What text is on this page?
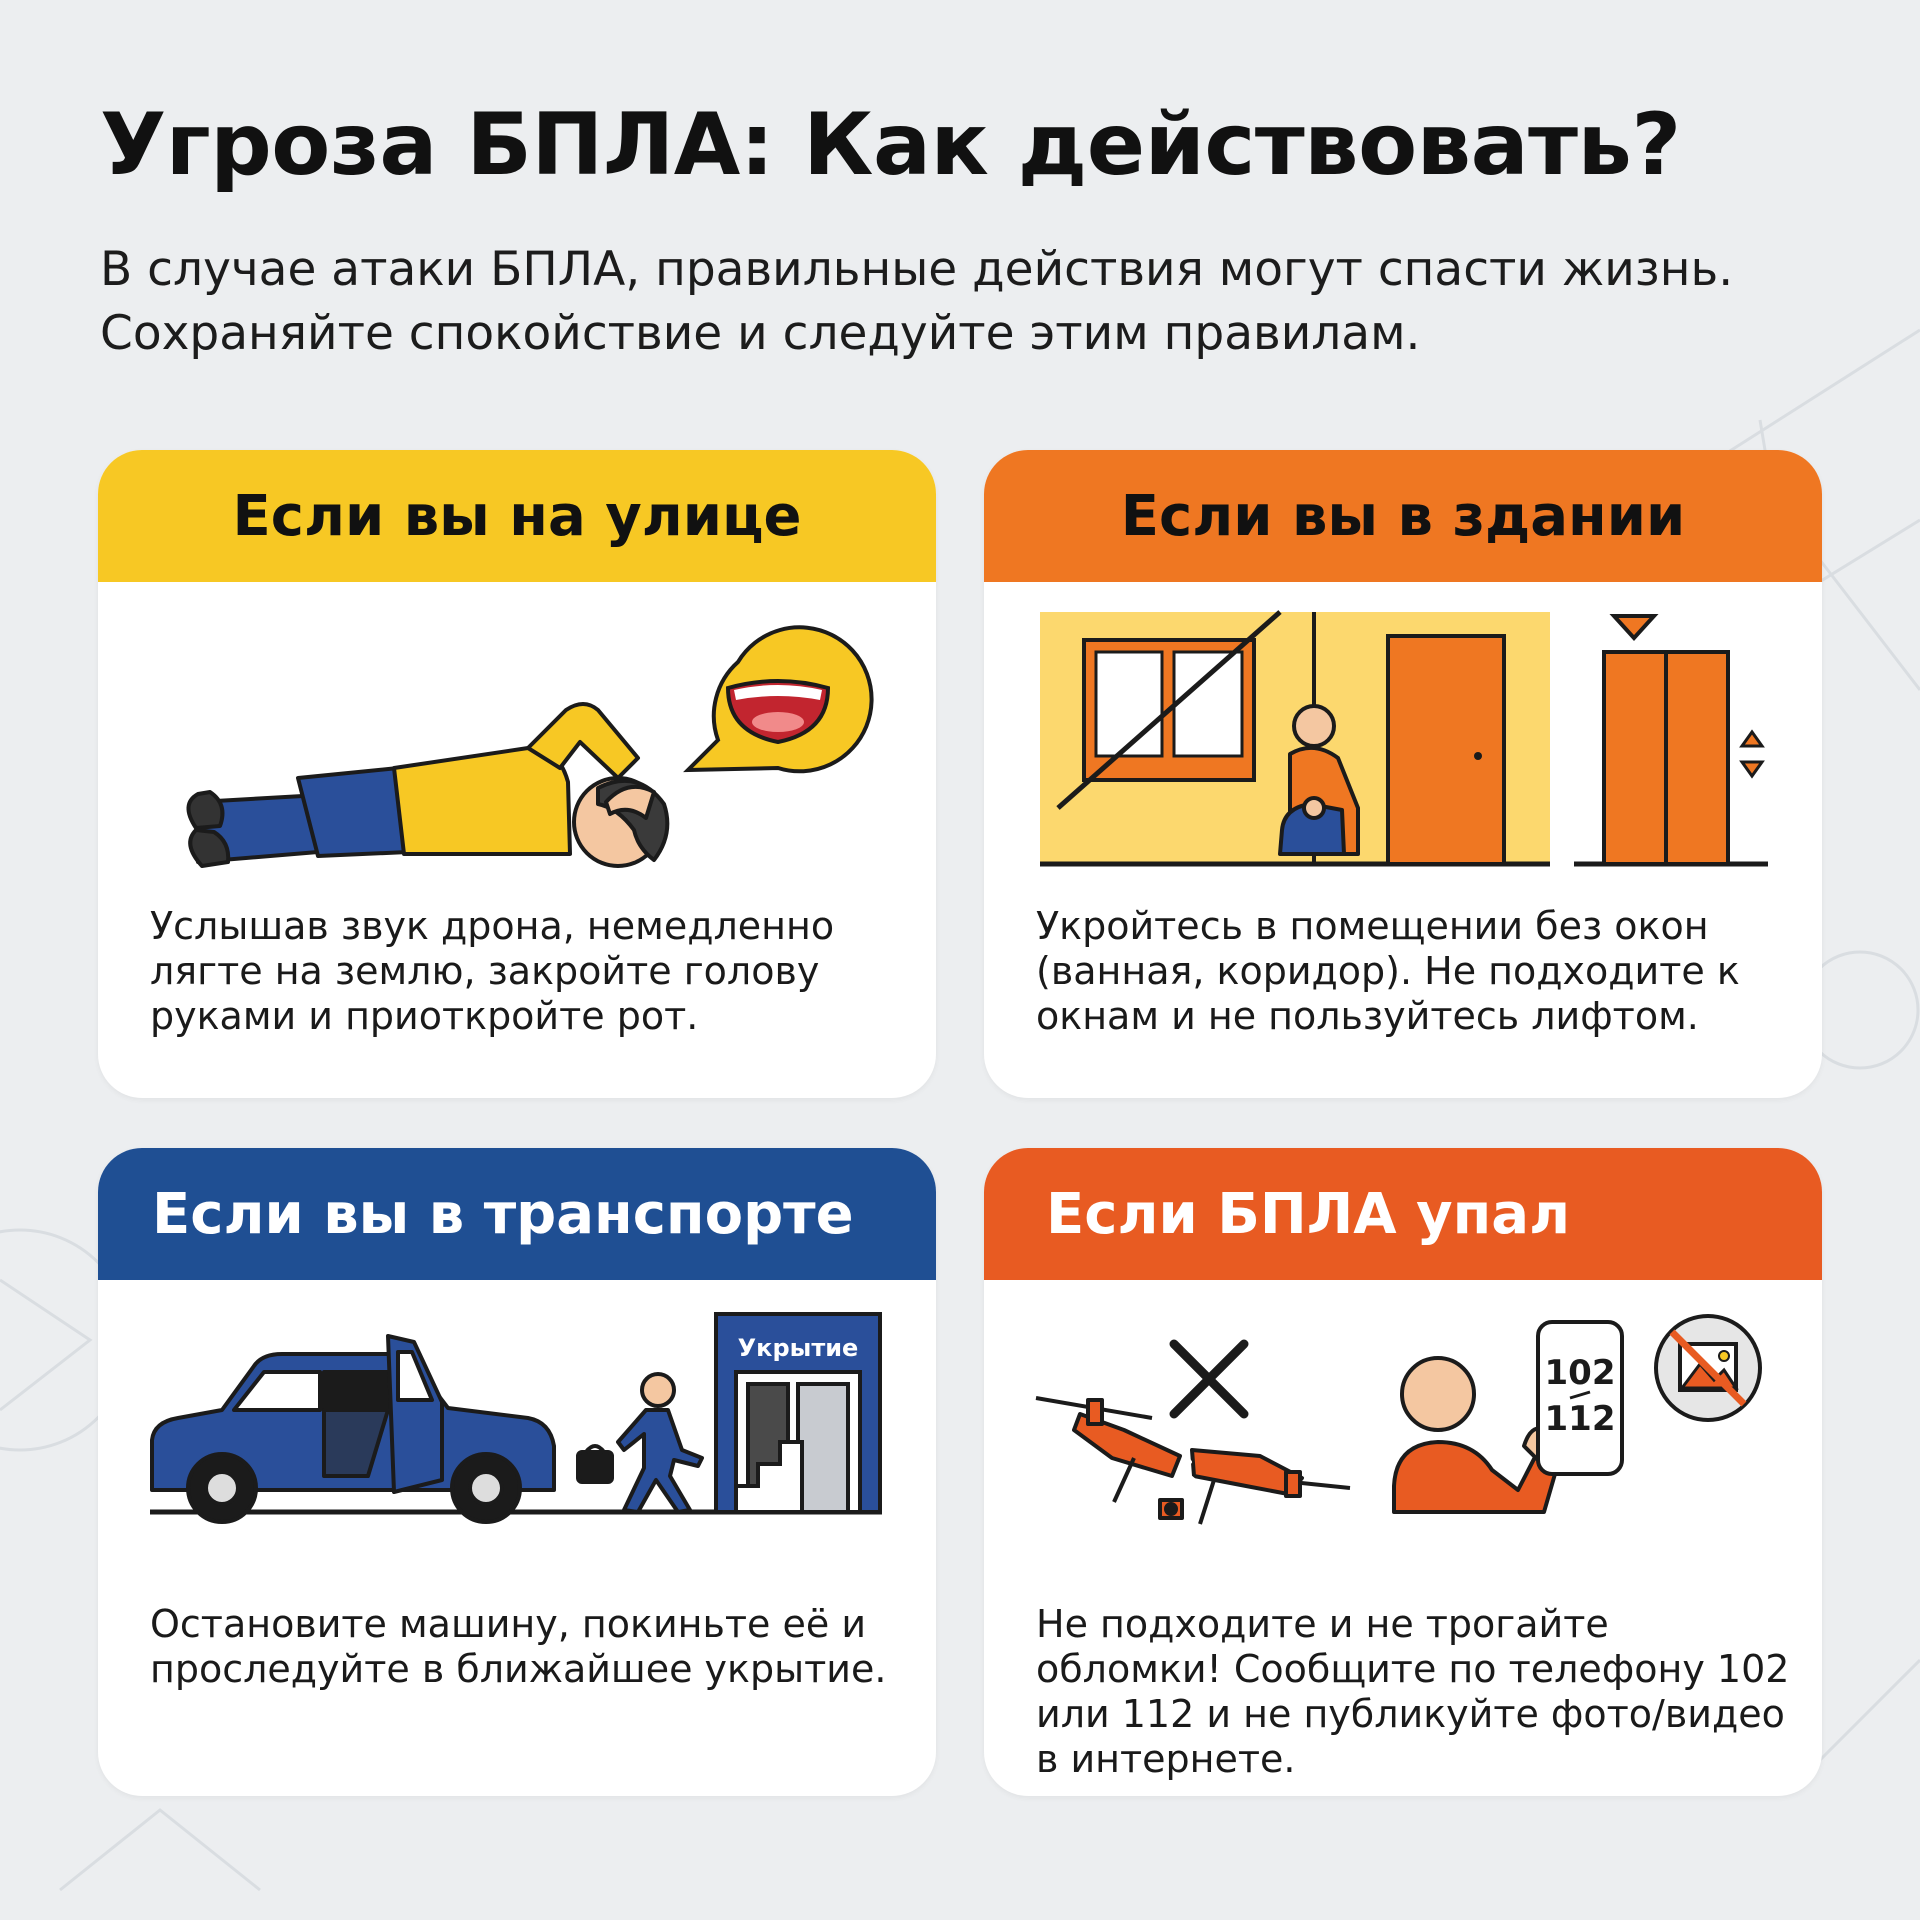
Угроза БПЛА: Как действовать?

В случае атаки БПЛА, правильные действия могут спасти жизнь. Сохраняйте спокойствие и следуйте этим правилам.

Если вы на улице

Услышав звук дрона, немедленно лягте на землю, закройте голову руками и приоткройте рот.

Если вы в здании

Укройтесь в помещении без окон (ванная, коридор). Не подходите к окнам и не пользуйтесь лифтом.

Если вы в транспорте
Укрытие

Остановите машину, покиньте её и проследуйте в ближайшее укрытие.

Если БПЛА упал
102
112

Не подходите и не трогайте обломки! Сообщите по телефону 102 или 112 и не публикуйте фото/видео в интернете.
